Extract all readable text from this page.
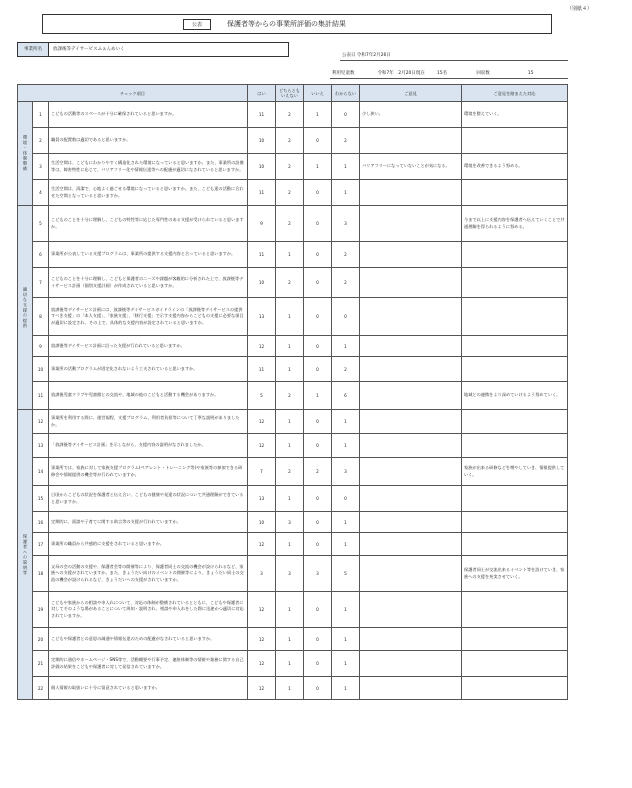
（別紙４）
公表	保護者等からの事業所評価の集計結果
事業所名	放課後等デイサービスふぁんめいく
公表日 令和7年2月26日
利用児童数	令和7年　2月20日現在	15名	回収数	15
チェック項目			はい	どちらとも
いえない	いいえ	わからない	ご意見	ご意見を踏まえた対応

環境・体制整備	1	こどもの活動等のスペースが十分に確保されていると思いますか。	11	2	1	0	少し狭い。	環境を整えていく。
	2	職員の配置数は適切であると思いますか。	10	2	0	2		
	3	生活空間は、こどもにわかりやすく構造化された環境になっていると思いますか。また、事業所の設備等は、障害特性に応じて、バリアフリー化や情報伝達等への配慮が適切になされていると思いますか。	10	2	1	1	バリアフリーになっていないことが気になる。	環境を改善できるよう努める。
	4	生活空間は、清潔で、心地よく過ごせる環境になっていると思いますか。また、こども達の活動に合わせた空間となっていると思いますか。	11	2	0	1		

適切な支援の提供	5	こどものことを十分に理解し、こどもの特性等に応じた専門性のある支援が受けられていると思いますか。	9	2	0	3		今まで以上に支援内容を保護者へ伝えていくことで共通理解を得られるように努める。
	6	事業所が公表している支援プログラムは、事業所の提供する支援内容と合っていると思いますか。	11	1	0	2		
	7	こどものことを十分に理解し、こどもと保護者のニーズや課題が客観的に分析された上で、放課後等デイサービス計画（個別支援計画）が作成されていると思いますか。	10	2	0	2		
	8	放課後等デイサービス計画には、放課後等デイサービスガイドラインの「放課後等デイサービスの提供すべき支援」の「本人支援」、「家族支援」、「移行支援」で示す支援内容からこどもの支援に必要な項目が適切に設定され、その上で、具体的な支援内容が設定されていると思いますか。	13	1	0	0		
	9	放課後等デイサービス計画に沿った支援が行われていると思いますか。	12	1	0	1		
	10	事業所の活動プログラムが固定化されないよう工夫されていると思いますか。	11	1	0	2		
	11	放課後児童クラブや児童館との交流や、地域の他のこどもと活動する機会がありますか。	5	2	1	6		地域との連携をより深めていけるよう努めていく。

保護者への説明等	12	事業所を利用する際に、運営規程、支援プログラム、利用者負担等について丁寧な説明がありましたか。	12	1	0	1		
	13	「放課後等デイサービス計画」を示しながら、支援内容の説明がなされましたか。	12	1	0	1		
	14	事業所では、家族に対して家族支援プログラム(ペアレント・トレーニング等)や家族等の参加できる研修会や情報提供の機会等が行われていますか。	7	2	2	3		家族が出来る研修などを増やしていき、情報提供していく。
	15	日頃からこどもの状況を保護者と伝え合い、こどもの健康や発達の状況について共通理解ができていると思いますか。	13	1	0	0		
	16	定期的に、面談や子育てに関する助言等の支援が行われていますか。	10	3	0	1		
	17	事業所の職員から共感的に支援をされていると思いますか。	12	1	0	1		
	18	父母の会の活動の支援や、保護者会等の開催等により、保護者同士の交流の機会が設けられるなど、家族への支援がされていますか。また、きょうだい向けのイベントの開催等により、きょうだい同士の交流の機会が設けられるなど、きょうだいへの支援がされていますか。	3	3	3	5		保護者同士が交流出来るイベント等を設けていき、家族への支援を充実させていく。
	19	こどもや家族からの相談や申入れについて、対応の体制が整備されているとともに、こどもや保護者に対してそのような場があることについて周知・説明され、相談や申入れをした際に迅速かつ適切に対応されていますか。	12	1	0	1		
	20	こどもや保護者との意思の疎通や情報伝達のための配慮がなされていると思いますか。	12	1	0	1		
	21	定期的に通信やホームページ・SNS等で、活動概要や行事予定、連絡体制等の情報や業務に関する自己評価の結果をこどもや保護者に対して発信されていますか。	12	1	0	1		
	22	個人情報の取扱いに十分に留意されていると思いますか。	12	1	0	1		
